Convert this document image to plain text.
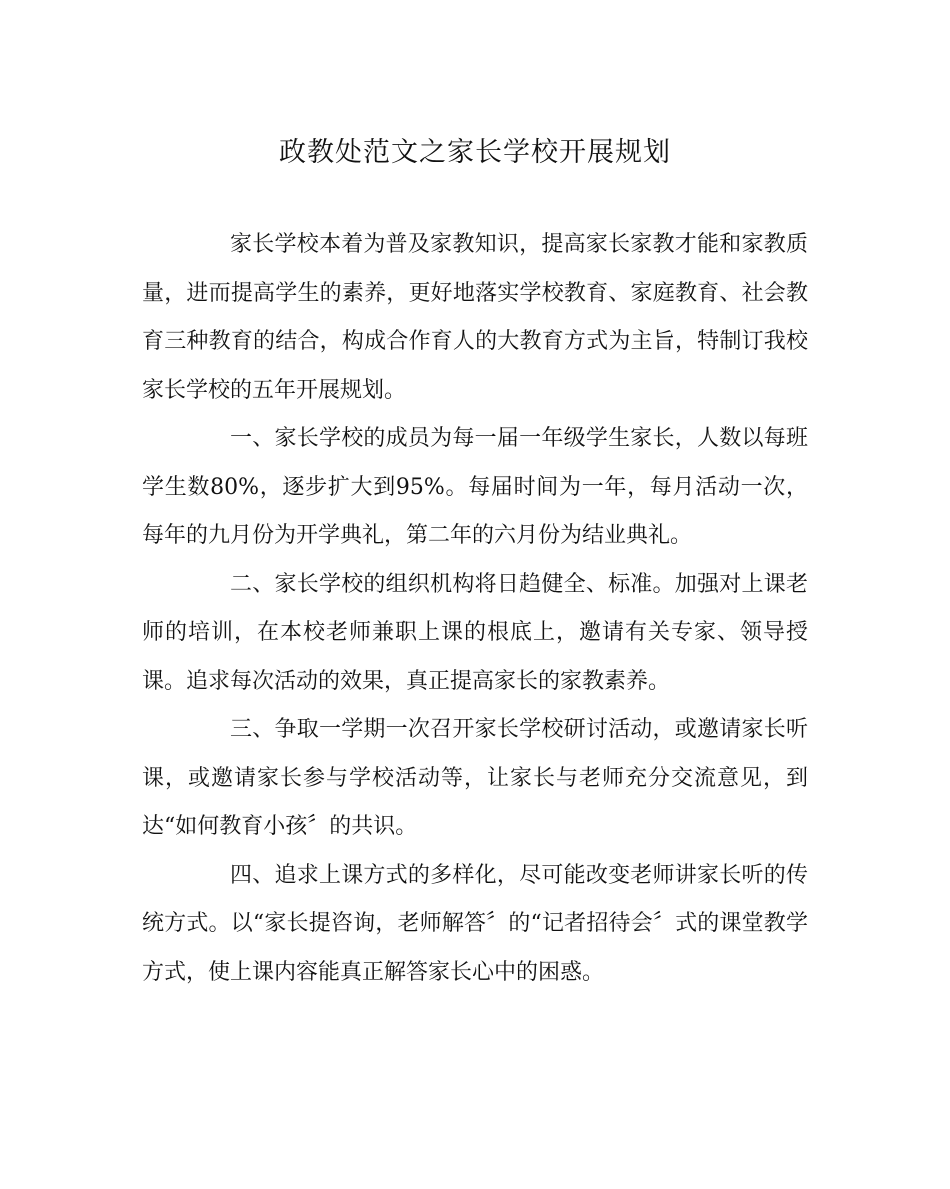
政教处范文之家长学校开展规划

家长学校本着为普及家教知识，提高家长家教才能和家教质量，进而提高学生的素养，更好地落实学校教育、家庭教育、社会教育三种教育的结合，构成合作育人的大教育方式为主旨，特制订我校家长学校的五年开展规划。

一、家长学校的成员为每一届一年级学生家长，人数以每班学生数80%，逐步扩大到95%。每届时间为一年，每月活动一次，每年的九月份为开学典礼，第二年的六月份为结业典礼。

二、家长学校的组织机构将日趋健全、标准。加强对上课老师的培训，在本校老师兼职上课的根底上，邀请有关专家、领导授课。追求每次活动的效果，真正提高家长的家教素养。

三、争取一学期一次召开家长学校研讨活动，或邀请家长听课，或邀请家长参与学校活动等，让家长与老师充分交流意见，到达“如何教育小孩〞的共识。

四、追求上课方式的多样化，尽可能改变老师讲家长听的传统方式。以“家长提咨询，老师解答〞的“记者招待会〞式的课堂教学方式，使上课内容能真正解答家长心中的困惑。
